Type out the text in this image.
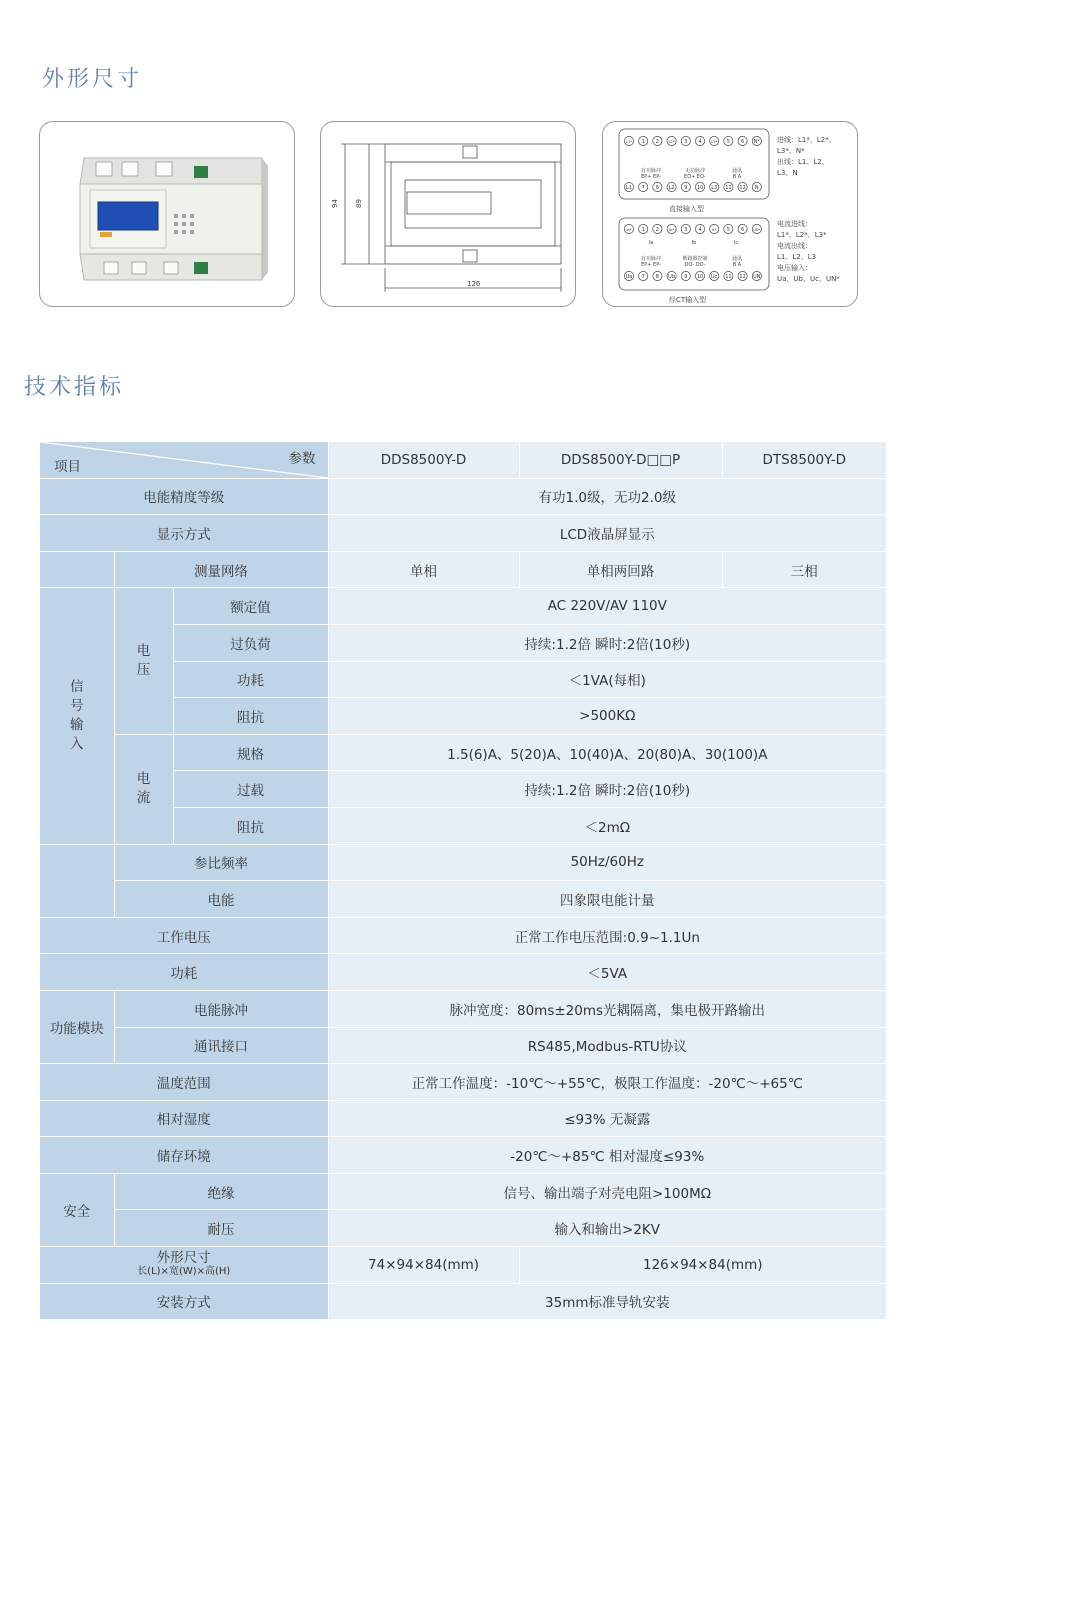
外形尺寸
94 89
126
L1* 1 2	L2* 3 4	L3* 5 6 N*
有功脉冲
EP+ EP-
无功脉冲
EQ+ EQ-
通讯
B A
L1 7 8 L2 9 10 L3 11 12 N
Ia* 1 2	Ib* 3 4	Ic* 5 6	UN*
Ia	Ib	Ic
有功脉冲
EP+ EP-
断路器控制
DO- DO-
通讯
B A
Ua 7 8 Ub 9 10 Uc 11 12 UN
直接输入型
经CT输入型
进线：L1*、L2*、
L3*、N*
出线：L1、L2、
L3、N
电流进线：
L1*、L2*、L3*
电流出线：
L1、L2、L3
电压输入：
Ua、Ub、Uc、UN*
技术指标
项目 参数			DDS8500Y-D	DDS8500Y-D□□P	DTS8500Y-D
电能精度等级			有功1.0级，无功2.0级		
显示方式			LCD液晶屏显示		
	测量网络		单相	单相两回路	三相
信号输入	电压	额定值	AC 220V/AV 110V		
		过负荷	持续:1.2倍 瞬时:2倍(10秒)		
		功耗	＜1VA(每相)		
		阻抗	>500KΩ		
	电流	规格	1.5(6)A、5(20)A、10(40)A、20(80)A、30(100)A		
		过载	持续:1.2倍 瞬时:2倍(10秒)		
		阻抗	＜2mΩ		
	参比频率		50Hz/60Hz		
	电能		四象限电能计量		
工作电压			正常工作电压范围:0.9~1.1Un		
功耗			＜5VA		
功能模块	电能脉冲		脉冲宽度：80ms±20ms光耦隔离，集电极开路输出		
	通讯接口		RS485,Modbus-RTU协议		
温度范围			正常工作温度：-10℃～+55℃，极限工作温度：-20℃～+65℃		
相对湿度			≤93% 无凝露		
储存环境			-20℃～+85℃ 相对湿度≤93%		
安全	绝缘		信号、输出端子对壳电阻>100MΩ		
	耐压		输入和输出>2KV		

外形尺寸
长(L)×宽(W)×高(H)			74×94×84(mm)	126×94×84(mm)	
安装方式			35mm标准导轨安装		
